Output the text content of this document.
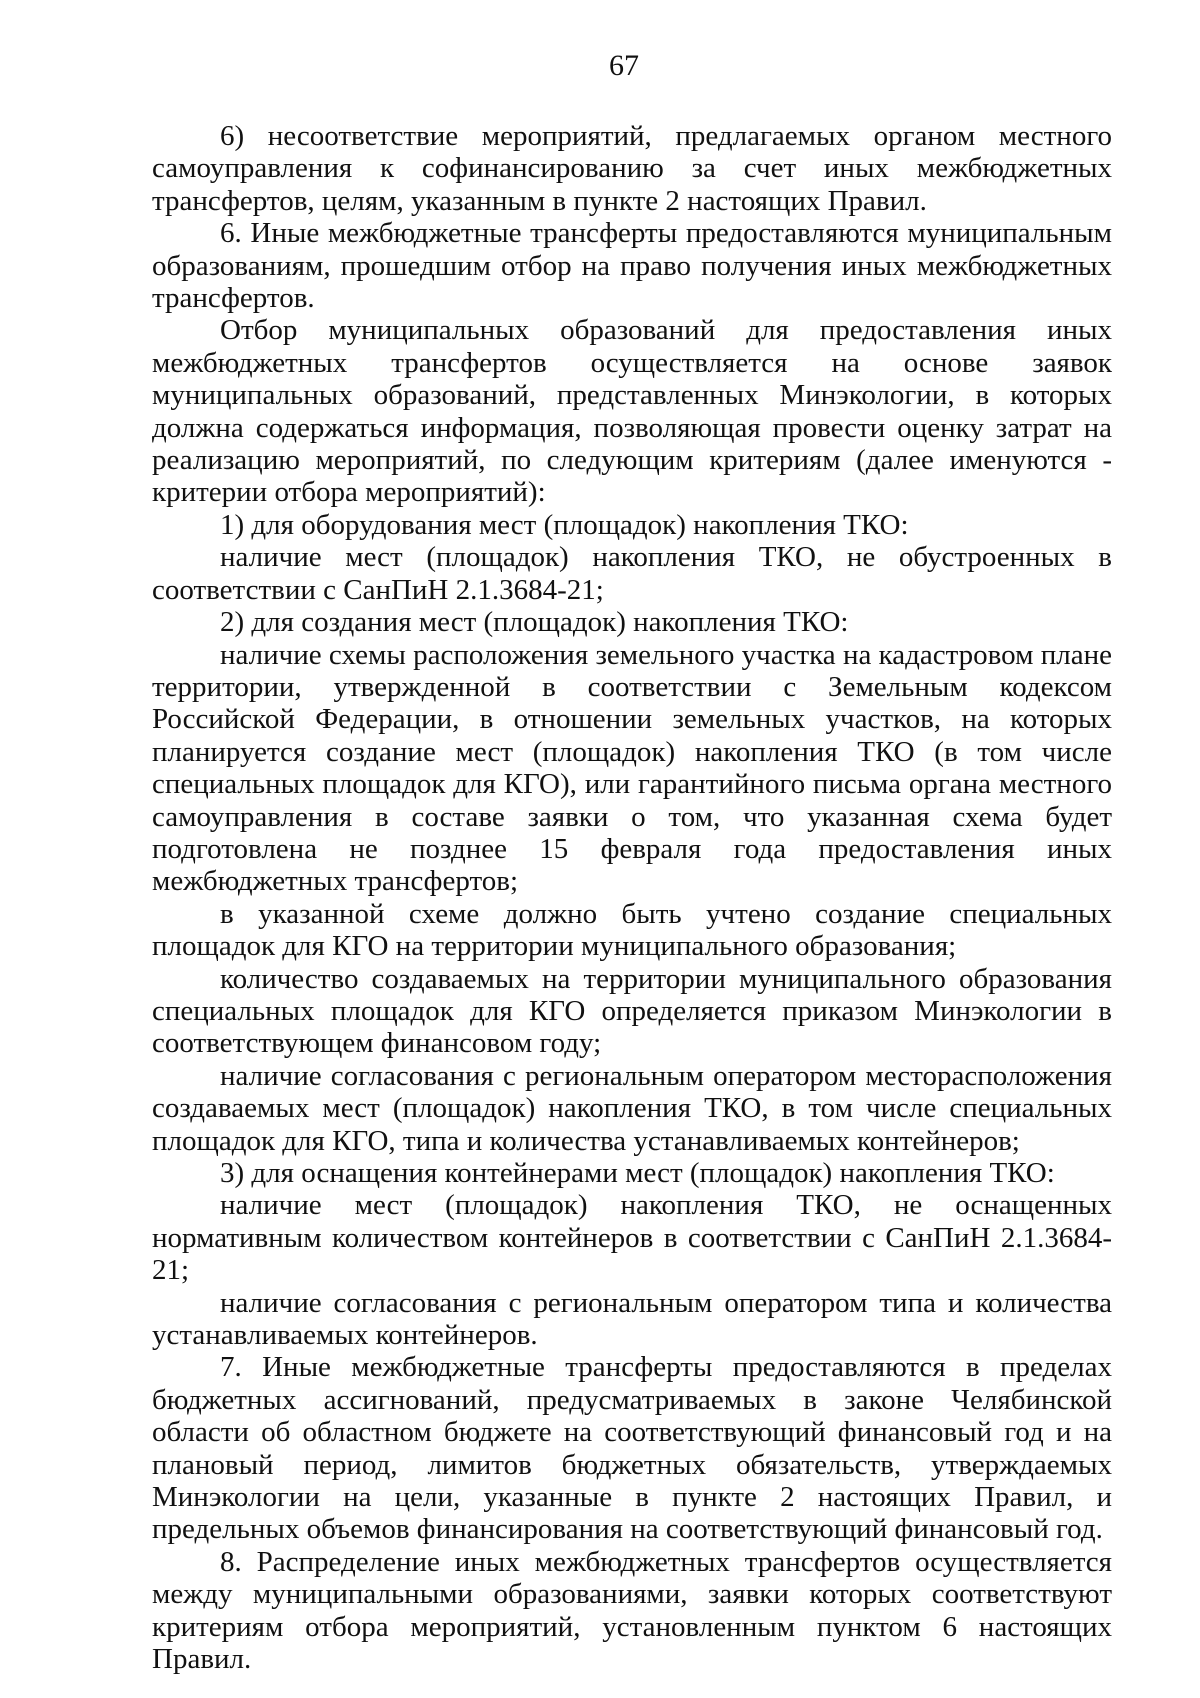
67

6) несоответствие мероприятий, предлагаемых органом местного самоуправления к софинансированию за счет иных межбюджетных трансфертов, целям, указанным в пункте 2 настоящих Правил.

6. Иные межбюджетные трансферты предоставляются муниципальным образованиям, прошедшим отбор на право получения иных межбюджетных трансфертов.

Отбор муниципальных образований для предоставления иных межбюджетных трансфертов осуществляется на основе заявок муниципальных образований, представленных Минэкологии, в которых должна содержаться информация, позволяющая провести оценку затрат на реализацию мероприятий, по следующим критериям (далее именуются - критерии отбора мероприятий):

1) для оборудования мест (площадок) накопления ТКО:

наличие мест (площадок) накопления ТКО, не обустроенных в соответствии с СанПиН 2.1.3684-21;

2) для создания мест (площадок) накопления ТКО:

наличие схемы расположения земельного участка на кадастровом плане территории, утвержденной в соответствии с Земельным кодексом Российской Федерации, в отношении земельных участков, на которых планируется создание мест (площадок) накопления ТКО (в том числе специальных площадок для КГО), или гарантийного письма органа местного самоуправления в составе заявки о том, что указанная схема будет подготовлена не позднее 15 февраля года предоставления иных межбюджетных трансфертов;

в указанной схеме должно быть учтено создание специальных площадок для КГО на территории муниципального образования;

количество создаваемых на территории муниципального образования специальных площадок для КГО определяется приказом Минэкологии в соответствующем финансовом году;

наличие согласования с региональным оператором месторасположения создаваемых мест (площадок) накопления ТКО, в том числе специальных площадок для КГО, типа и количества устанавливаемых контейнеров;

3) для оснащения контейнерами мест (площадок) накопления ТКО:

наличие мест (площадок) накопления ТКО, не оснащенных нормативным количеством контейнеров в соответствии с СанПиН 2.1.3684-21;

наличие согласования с региональным оператором типа и количества устанавливаемых контейнеров.

7. Иные межбюджетные трансферты предоставляются в пределах бюджетных ассигнований, предусматриваемых в законе Челябинской области об областном бюджете на соответствующий финансовый год и на плановый период, лимитов бюджетных обязательств, утверждаемых Минэкологии на цели, указанные в пункте 2 настоящих Правил, и предельных объемов финансирования на соответствующий финансовый год.

8. Распределение иных межбюджетных трансфертов осуществляется между муниципальными образованиями, заявки которых соответствуют критериям отбора мероприятий, установленным пунктом 6 настоящих Правил.
